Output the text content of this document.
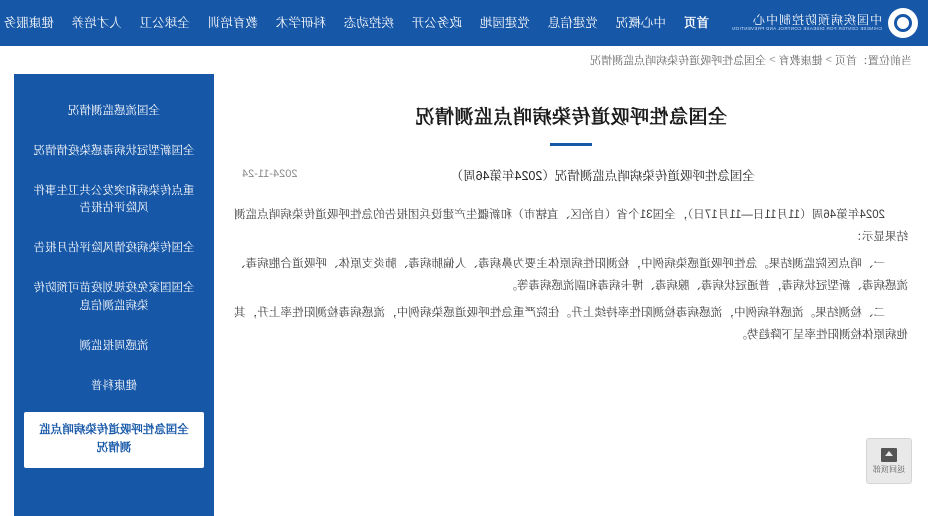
中国疾病预防控制中心
CHINESE CENTER FOR DISEASE CONTROL AND PREVENTION
首页
中心概况
党建信息
党建园地
政务公开
疾控动态
科研学术
教育培训
全球公卫
人才培养
健康服务
当前位置：
首页
>
健康教育
>
全国急性呼吸道传染病哨点监测情况
全国急性呼吸道传染病哨点监测情况
全国急性呼吸道传染病哨点监测情况（2024年第46周）
2024-11-24

2024年第46周（11月11日—11月17日），全国31个省（自治区、直辖市）和新疆生产建设兵团报告的急性呼吸道传染病哨点监测结果显示：

一、哨点医院监测结果。急性呼吸道感染病例中，检测阳性病原体主要为鼻病毒、人偏肺病毒、肺炎支原体、呼吸道合胞病毒、流感病毒、新型冠状病毒，普通冠状病毒、腺病毒、博卡病毒和副流感病毒等。

二、检测结果。流感样病例中，流感病毒检测阳性率持续上升。住院严重急性呼吸道感染病例中，流感病毒检测阳性率上升，其他病原体检测阳性率呈下降趋势。

全国流感监测情况
全国新型冠状病毒感染疫情情况
重点传染病和突发公共卫生事件风险评估报告
全国传染病疫情风险评估月报告
全国国家免疫规划疫苗可预防传染病监测信息
流感周报监测
健康科普
全国急性呼吸道传染病哨点监测情况
返回顶部
